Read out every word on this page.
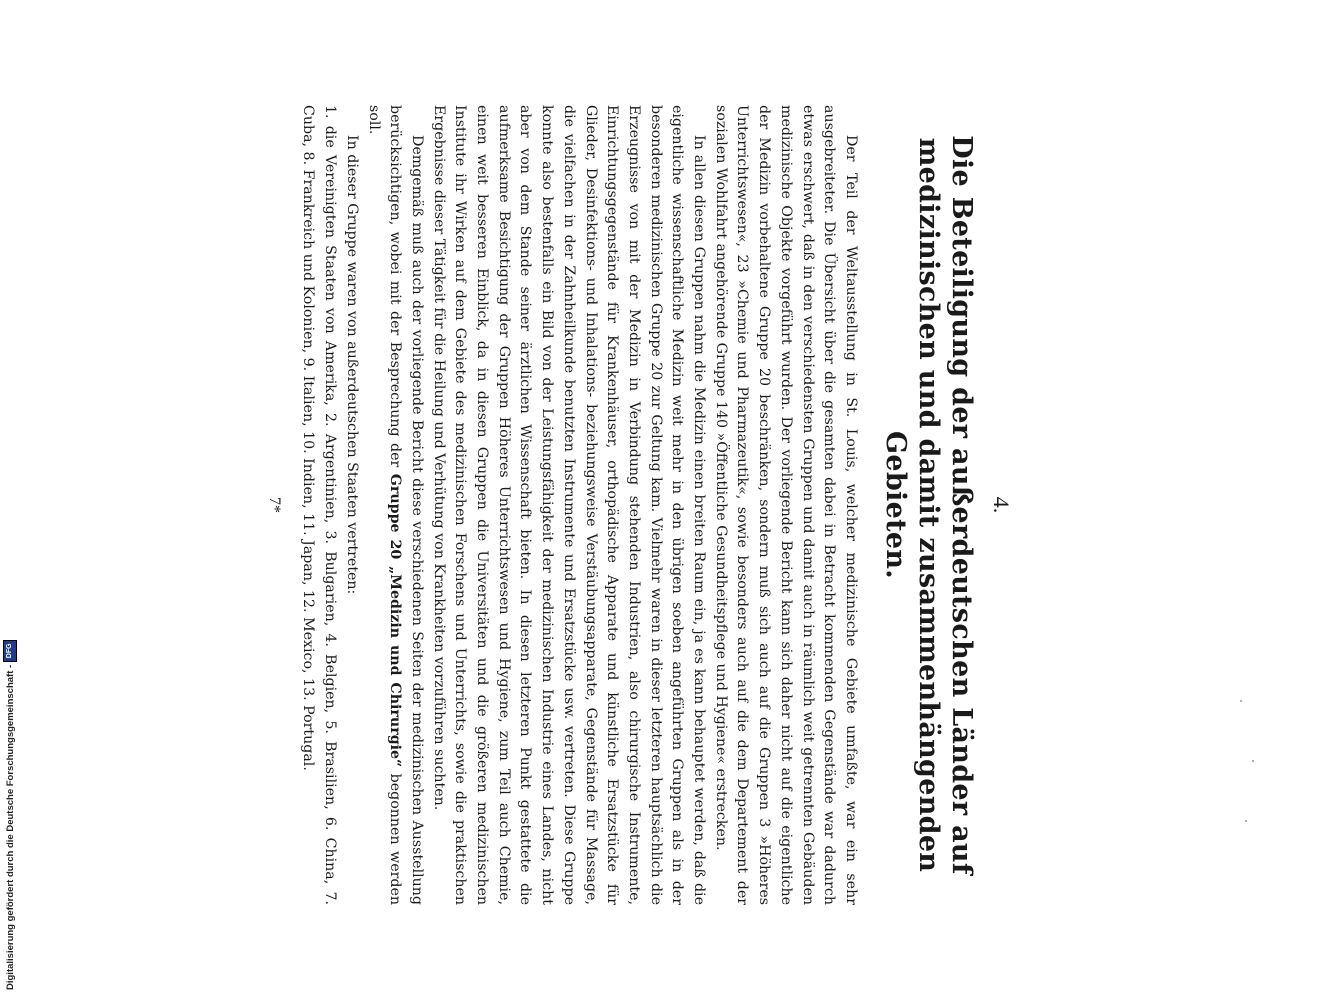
4.
Die Beteiligung der außerdeutschen Länder auf medizinischen und damit zusammenhängenden Gebieten.

Der Teil der Weltausstellung in St. Louis, welcher medizinische Gebiete umfaßte, war ein sehr ausgebreiteter. Die Übersicht über die gesamten dabei in Betracht kommenden Gegenstände war dadurch etwas erschwert, daß in den verschiedensten Gruppen und damit auch in räumlich weit getrennten Gebäuden medizinische Objekte vorgeführt wurden. Der vorliegende Bericht kann sich daher nicht auf die eigentliche der Medizin vorbehaltene Gruppe 20 beschränken, sondern muß sich auch auf die Gruppen 3 »Höheres Unterrichtswesen«, 23 »Chemie und Pharmazeutik«, sowie besonders auch auf die dem Departement der sozialen Wohlfahrt angehörende Gruppe 140 »Öffentliche Gesundheitspflege und Hygiene« erstrecken.

In allen diesen Gruppen nahm die Medizin einen breiten Raum ein, ja es kann behauptet werden, daß die eigentliche wissenschaftliche Medizin weit mehr in den übrigen soeben angeführten Gruppen als in der besonderen medizinischen Gruppe 20 zur Geltung kam. Vielmehr waren in dieser letzteren hauptsächlich die Erzeugnisse von mit der Medizin in Verbindung stehenden Industrien, also chirurgische Instrumente, Einrichtungsgegenstände für Krankenhäuser, orthopädische Apparate und künstliche Ersatzstücke für Glieder, Desinfektions- und Inhalations- beziehungsweise Verstäubungsapparate, Gegenstände für Massage, die vielfachen in der Zahnheilkunde benutzten Instrumente und Ersatzstücke usw. vertreten. Diese Gruppe konnte also bestenfalls ein Bild von der Leistungsfähigkeit der medizinischen Industrie eines Landes, nicht aber von dem Stande seiner ärztlichen Wissenschaft bieten. In diesen letzteren Punkt gestattete die aufmerksame Besichtigung der Gruppen Höheres Unterrichtswesen und Hygiene, zum Teil auch Chemie, einen weit besseren Einblick, da in diesen Gruppen die Universitäten und die größeren medizinischen Institute ihr Wirken auf dem Gebiete des medizinischen Forschens und Unterrichts, sowie die praktischen Ergebnisse dieser Tätigkeit für die Heilung und Verhütung von Krankheiten vorzuführen suchten.

Demgemäß muß auch der vorliegende Bericht diese verschiedenen Seiten der medizinischen Ausstellung berücksichtigen, wobei mit der Besprechung der Gruppe 20 „Medizin und Chirurgie“ begonnen werden soll.

In dieser Gruppe waren von außerdeutschen Staaten vertreten:

1. die Vereinigten Staaten von Amerika, 2. Argentinien, 3. Bulgarien, 4. Belgien, 5. Brasilien, 6. China, 7. Cuba, 8. Frankreich und Kolonien, 9. Italien, 10. Indien, 11. Japan, 12. Mexico, 13. Portugal.

7*
Digitalisierung gefördert durch die Deutsche Forschungsgemeinschaft -
DFG
